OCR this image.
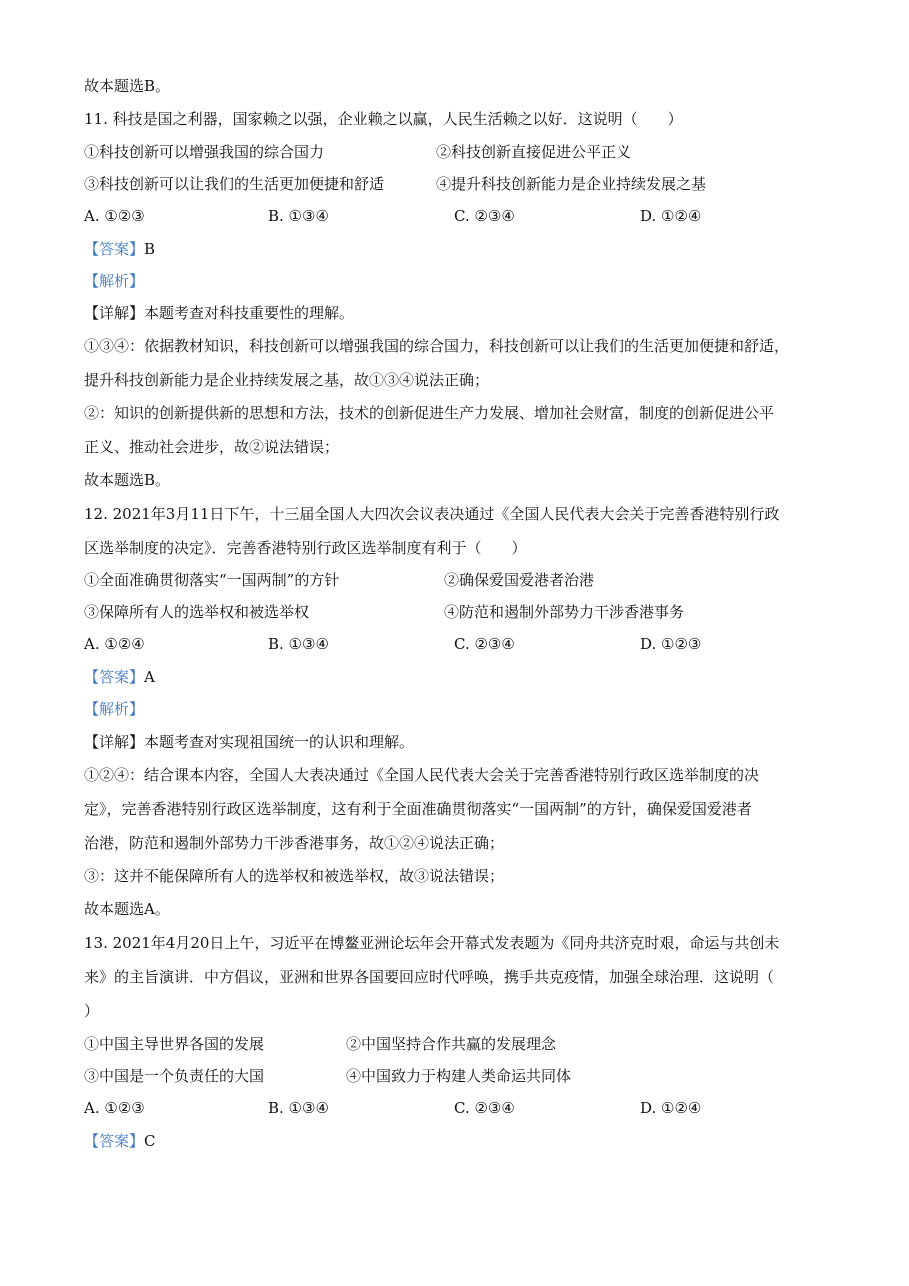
故本题选B。
11. 科技是国之利器，国家赖之以强，企业赖之以赢，人民生活赖之以好．这说明（　　）
①科技创新可以增强我国的综合国力	②科技创新直接促进公平正义
③科技创新可以让我们的生活更加便捷和舒适	④提升科技创新能力是企业持续发展之基
A. ①②③	B. ①③④	C. ②③④	D. ①②④
【答案】B
【解析】
【详解】本题考查对科技重要性的理解。
①③④：依据教材知识，科技创新可以增强我国的综合国力，科技创新可以让我们的生活更加便捷和舒适，
提升科技创新能力是企业持续发展之基，故①③④说法正确；
②：知识的创新提供新的思想和方法，技术的创新促进生产力发展、增加社会财富，制度的创新促进公平
正义、推动社会进步，故②说法错误；
故本题选B。
12. 2021年3月11日下午，十三届全国人大四次会议表决通过《全国人民代表大会关于完善香港特别行政
区选举制度的决定》．完善香港特别行政区选举制度有利于（　　）
①全面准确贯彻落实“一国两制”的方针	②确保爱国爱港者治港
③保障所有人的选举权和被选举权	④防范和遏制外部势力干涉香港事务
A. ①②④	B. ①③④	C. ②③④	D. ①②③
【答案】A
【解析】
【详解】本题考查对实现祖国统一的认识和理解。
①②④：结合课本内容，全国人大表决通过《全国人民代表大会关于完善香港特别行政区选举制度的决
定》，完善香港特别行政区选举制度，这有利于全面准确贯彻落实“一国两制”的方针，确保爱国爱港者
治港，防范和遏制外部势力干涉香港事务，故①②④说法正确；
③：这并不能保障所有人的选举权和被选举权，故③说法错误；
故本题选A。
13. 2021年4月20日上午，习近平在博鳌亚洲论坛年会开幕式发表题为《同舟共济克时艰，命运与共创未
来》的主旨演讲．中方倡议，亚洲和世界各国要回应时代呼唤，携手共克疫情，加强全球治理．这说明（
）
①中国主导世界各国的发展	②中国坚持合作共赢的发展理念
③中国是一个负责任的大国	④中国致力于构建人类命运共同体
A. ①②③	B. ①③④	C. ②③④	D. ①②④
【答案】C
